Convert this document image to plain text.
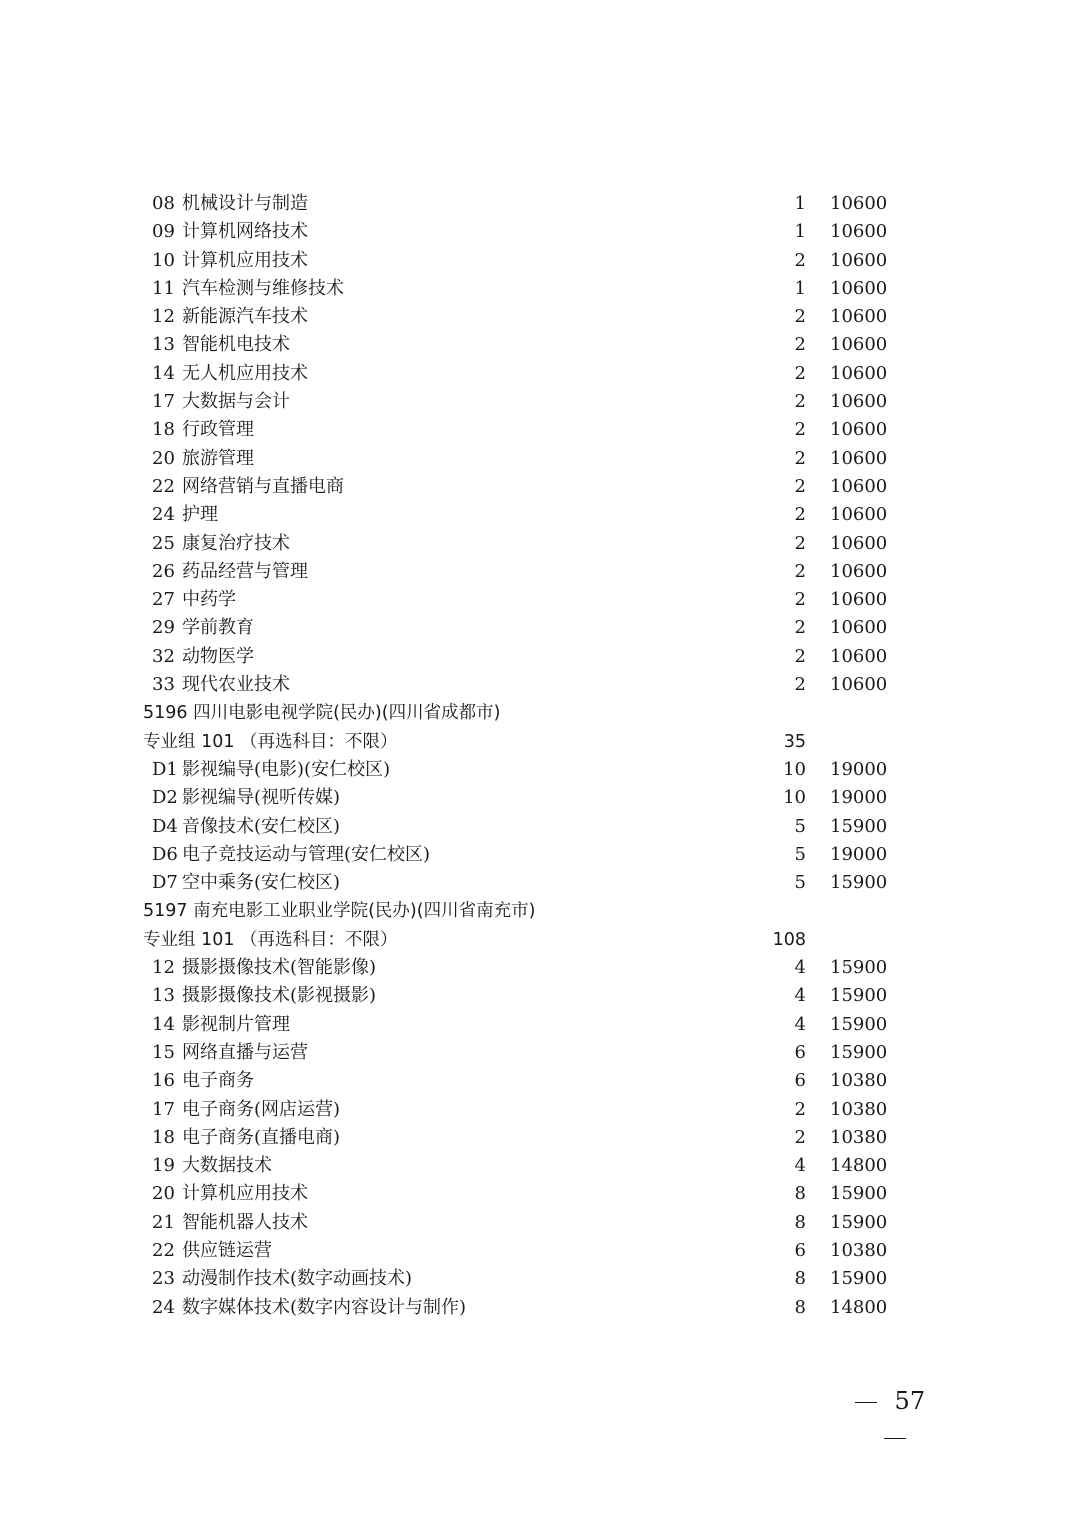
08 机械设计与制造	1 10600
09 计算机网络技术	1 10600
10 计算机应用技术	2 10600
11 汽车检测与维修技术	1 10600
12 新能源汽车技术	2 10600
13 智能机电技术	2 10600
14 无人机应用技术	2 10600
17 大数据与会计	2 10600
18 行政管理	2 10600
20 旅游管理	2 10600
22 网络营销与直播电商	2 10600
24 护理	2 10600
25 康复治疗技术	2 10600
26 药品经营与管理	2 10600
27 中药学	2 10600
29 学前教育	2 10600
32 动物医学	2 10600
33 现代农业技术	2 10600
5196 四川电影电视学院(民办)(四川省成都市)
专业组 101 （再选科目：不限）	35
D1 影视编导(电影)(安仁校区)	10 19000
D2 影视编导(视听传媒)	10 19000
D4 音像技术(安仁校区)	5 15900
D6 电子竞技运动与管理(安仁校区)	5 19000
D7 空中乘务(安仁校区)	5 15900
5197 南充电影工业职业学院(民办)(四川省南充市)
专业组 101 （再选科目：不限）	108
12 摄影摄像技术(智能影像)	4 15900
13 摄影摄像技术(影视摄影)	4 15900
14 影视制片管理	4 15900
15 网络直播与运营	6 15900
16 电子商务	6 10380
17 电子商务(网店运营)	2 10380
18 电子商务(直播电商)	2 10380
19 大数据技术	4 14800
20 计算机应用技术	8 15900
21 智能机器人技术	8 15900
22 供应链运营	6 10380
23 动漫制作技术(数字动画技术)	8 15900
24 数字媒体技术(数字内容设计与制作)	8 14800
57
